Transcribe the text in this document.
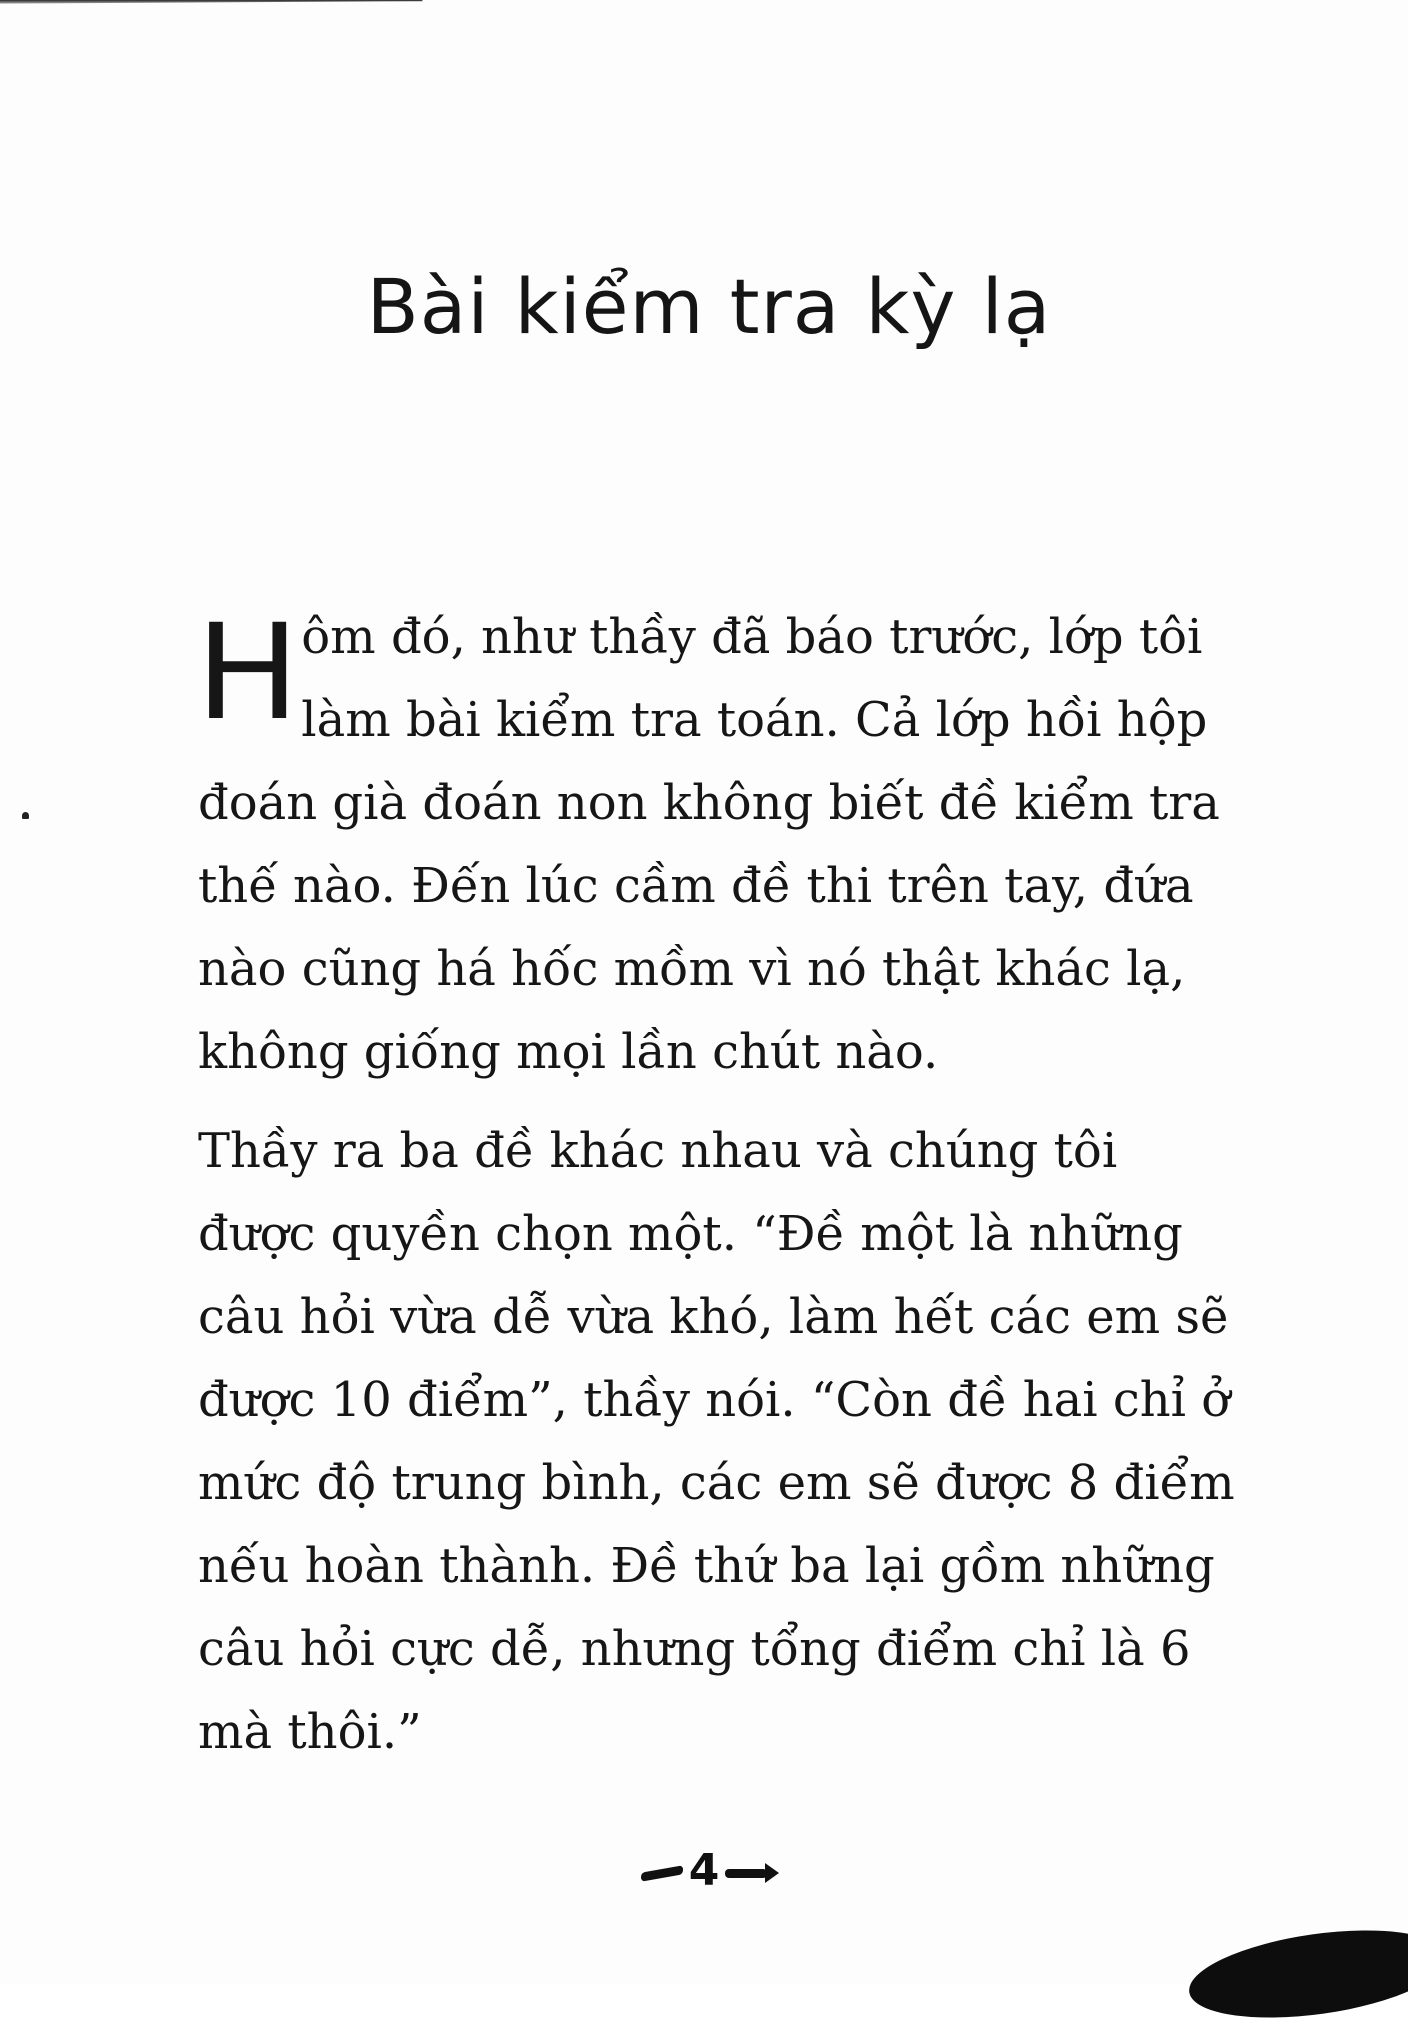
Bài kiểm tra kỳ lạ

Hôm đó, như thầy đã báo trước, lớp tôi làm bài kiểm tra toán. Cả lớp hồi hộp đoán già đoán non không biết đề kiểm tra thế nào. Đến lúc cầm đề thi trên tay, đứa nào cũng há hốc mồm vì nó thật khác lạ, không giống mọi lần chút nào.

Thầy ra ba đề khác nhau và chúng tôi được quyền chọn một. “Đề một là những câu hỏi vừa dễ vừa khó, làm hết các em sẽ được 10 điểm”, thầy nói. “Còn đề hai chỉ ở mức độ trung bình, các em sẽ được 8 điểm nếu hoàn thành. Đề thứ ba lại gồm những câu hỏi cực dễ, nhưng tổng điểm chỉ là 6 mà thôi.”

4
